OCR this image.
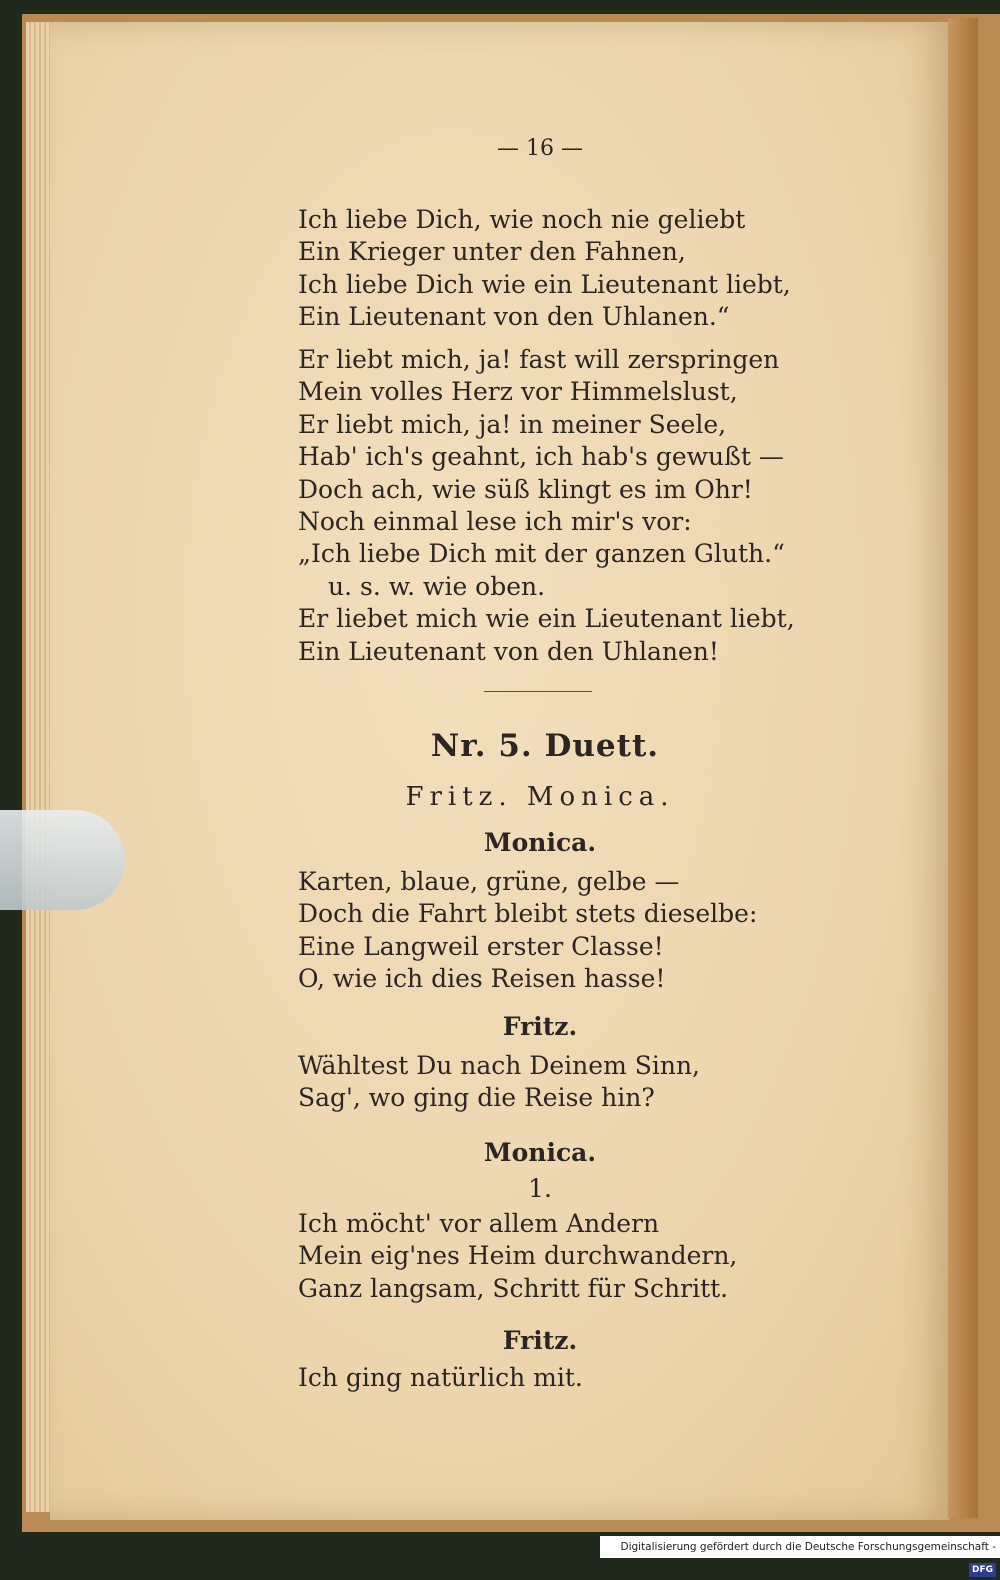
— 16 —
Ich liebe Dich, wie noch nie geliebt
Ein Krieger unter den Fahnen,
Ich liebe Dich wie ein Lieutenant liebt,
Ein Lieutenant von den Uhlanen.“
Er liebt mich, ja! fast will zerspringen
Mein volles Herz vor Himmelslust,
Er liebt mich, ja! in meiner Seele,
Hab' ich's geahnt, ich hab's gewußt —
Doch ach, wie süß klingt es im Ohr!
Noch einmal lese ich mir's vor:
„Ich liebe Dich mit der ganzen Gluth.“
u. s. w. wie oben.
Er liebet mich wie ein Lieutenant liebt,
Ein Lieutenant von den Uhlanen!
Nr. 5. Duett.
Fritz. Monica.
Monica.
Karten, blaue, grüne, gelbe —
Doch die Fahrt bleibt stets dieselbe:
Eine Langweil erster Classe!
O, wie ich dies Reisen hasse!
Fritz.
Wähltest Du nach Deinem Sinn,
Sag', wo ging die Reise hin?
Monica.
1.
Ich möcht' vor allem Andern
Mein eig'nes Heim durchwandern,
Ganz langsam, Schritt für Schritt.
Fritz.
Ich ging natürlich mit.
Digitalisierung gefördert durch die Deutsche Forschungsgemeinschaft -DFG
